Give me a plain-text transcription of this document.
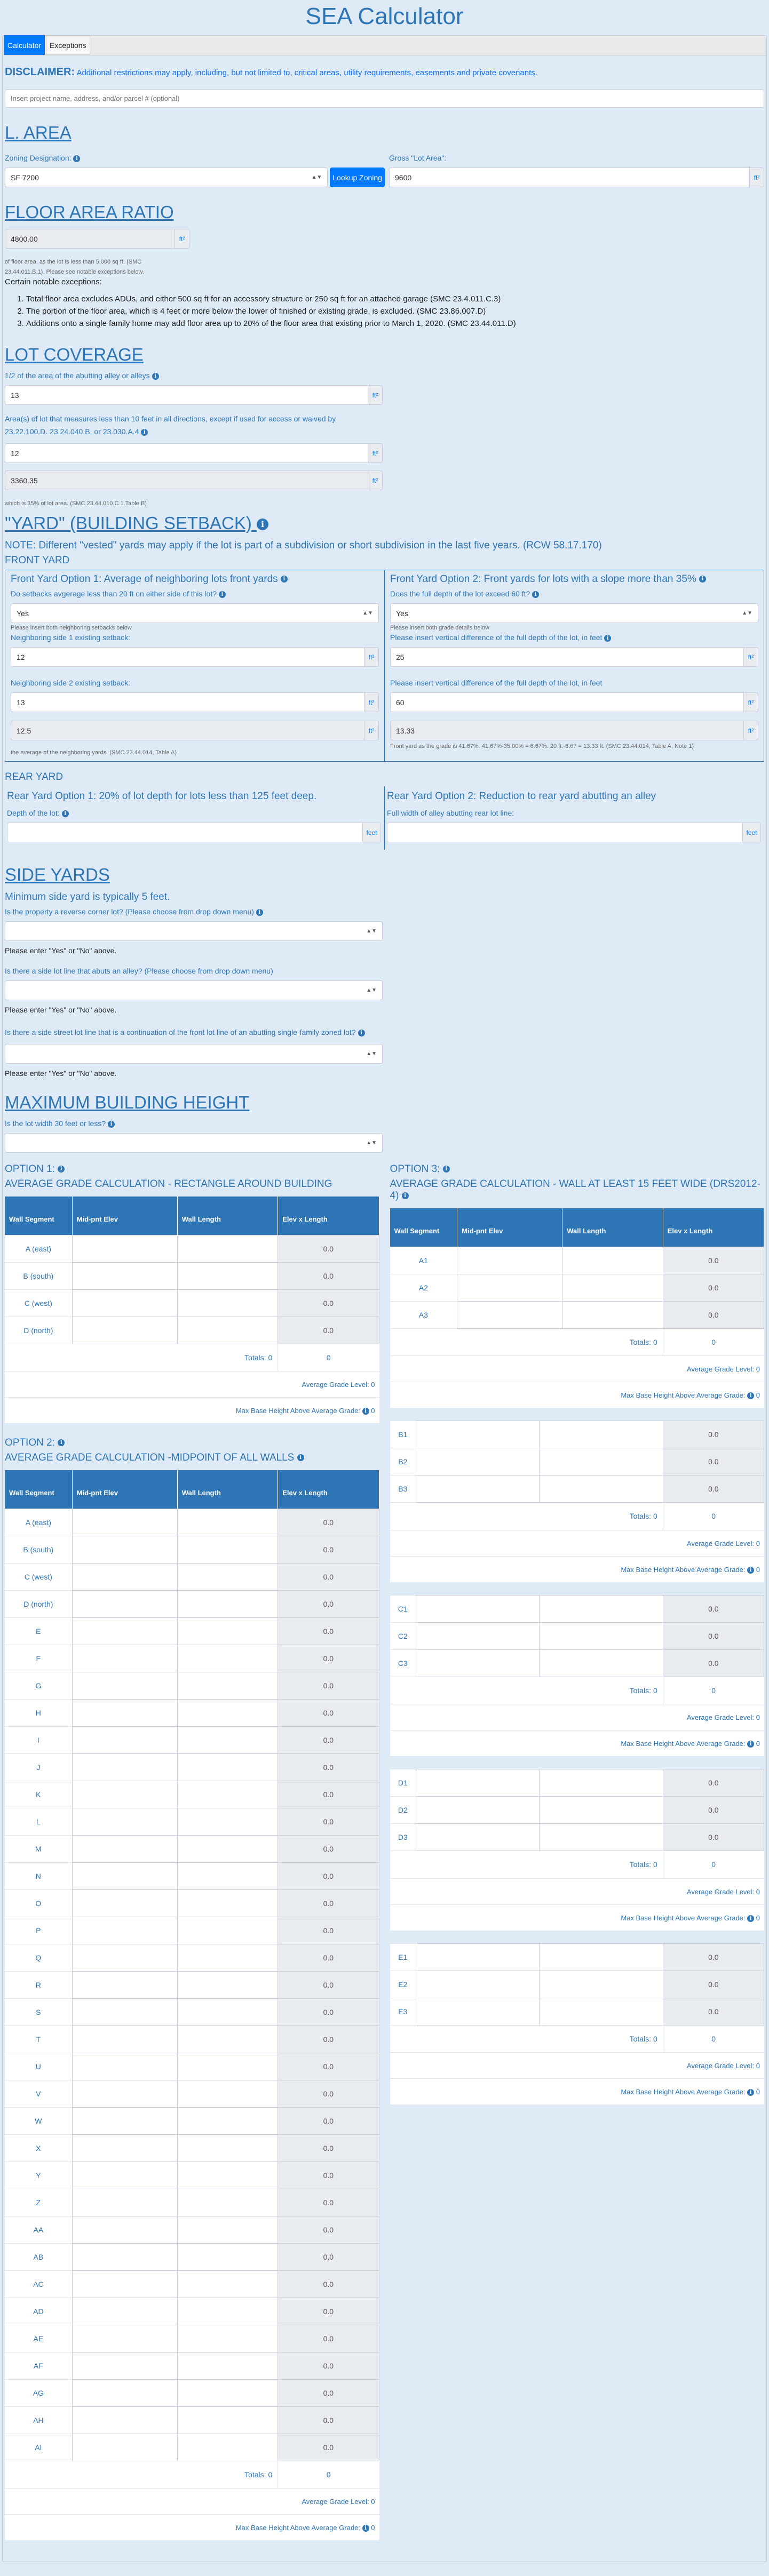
SEA Calculator
Calculator	Exceptions
DISCLAIMER: Additional restrictions may apply, including, but not limited to, critical areas, utility requirements, easements and private covenants.
Insert project name, address, and/or parcel # (optional)
L. AREA
Zoning Designation: i
SF 7200	▲▼	Lookup Zoning
Gross "Lot Area":
9600	ft²
FLOOR AREA RATIO
4800.00	ft²
of floor area, as the lot is less than 5,000 sq ft. (SMC 23.44.011.B.1). Please see notable exceptions below.
Certain notable exceptions:
1. Total floor area excludes ADUs, and either 500 sq ft for an accessory structure or 250 sq ft for an attached garage (SMC 23.4.011.C.3)
2. The portion of the floor area, which is 4 feet or more below the lower of finished or existing grade, is excluded. (SMC 23.86.007.D)
3. Additions onto a single family home may add floor area up to 20% of the floor area that existing prior to March 1, 2020. (SMC 23.44.011.D)
LOT COVERAGE
1/2 of the area of the abutting alley or alleys i
13	ft²
Area(s) of lot that measures less than 10 feet in all directions, except if used for access or waived by 23.22.100.D. 23.24.040,B, or 23.030.A.4 i
12	ft²
3360.35	ft²
which is 35% of lot area. (SMC 23.44.010.C.1.Table B)
"YARD" (BUILDING SETBACK) i
NOTE: Different "vested" yards may apply if the lot is part of a subdivision or short subdivision in the last five years. (RCW 58.17.170)
FRONT YARD
Front Yard Option 1: Average of neighboring lots front yards i
Do setbacks avgerage less than 20 ft on either side of this lot? i
Yes	▲▼
Please insert both neighboring setbacks below
Neighboring side 1 existing setback:
12	ft²
Neighboring side 2 existing setback:
13	ft²
12.5	ft²
the average of the neighboring yards. (SMC 23.44.014, Table A)
Front Yard Option 2: Front yards for lots with a slope more than 35% i
Does the full depth of the lot exceed 60 ft? i
Yes	▲▼
Please insert both grade details below
Please insert vertical difference of the full depth of the lot, in feet i
25	ft²
Please insert vertical difference of the full depth of the lot, in feet
60	ft²
13.33	ft²
Front yard as the grade is 41.67%. 41.67%-35.00% = 6.67%. 20 ft.-6.67 = 13.33 ft. (SMC 23.44.014, Table A, Note 1)
REAR YARD
Rear Yard Option 1: 20% of lot depth for lots less than 125 feet deep.
Depth of the lot: i
feet
Rear Yard Option 2: Reduction to rear yard abutting an alley
Full width of alley abutting rear lot line:
feet
SIDE YARDS
Minimum side yard is typically 5 feet.
Is the property a reverse corner lot? (Please choose from drop down menu) i
▲▼
Please enter "Yes" or "No" above.
Is there a side lot line that abuts an alley? (Please choose from drop down menu)
▲▼
Please enter "Yes" or "No" above.
Is there a side street lot line that is a continuation of the front lot line of an abutting single-family zoned lot? i
▲▼
Please enter "Yes" or "No" above.
MAXIMUM BUILDING HEIGHT
Is the lot width 30 feet or less? i
▲▼
OPTION 1: i
AVERAGE GRADE CALCULATION - RECTANGLE AROUND BUILDING
Wall Segment	Mid-pnt Elev	Wall Length	Elev x Length
A (east)			0.0
B (south)			0.0
C (west)			0.0
D (north)			0.0
Totals: 0			0
Average Grade Level: 0
Max Base Height Above Average Grade: i 0
OPTION 2: i
AVERAGE GRADE CALCULATION -MIDPOINT OF ALL WALLS i
Wall Segment	Mid-pnt Elev	Wall Length	Elev x Length
A (east)			0.0
B (south)			0.0
C (west)			0.0
D (north)			0.0
E			0.0
F			0.0
G			0.0
H			0.0
I			0.0
J			0.0
K			0.0
L			0.0
M			0.0
N			0.0
O			0.0
P			0.0
Q			0.0
R			0.0
S			0.0
T			0.0
U			0.0
V			0.0
W			0.0
X			0.0
Y			0.0
Z			0.0
AA			0.0
AB			0.0
AC			0.0
AD			0.0
AE			0.0
AF			0.0
AG			0.0
AH			0.0
AI			0.0
Totals: 0			0
Average Grade Level: 0
Max Base Height Above Average Grade: i 0
OPTION 3: i
AVERAGE GRADE CALCULATION - WALL AT LEAST 15 FEET WIDE (DRS2012-4) i
Wall Segment	Mid-pnt Elev	Wall Length	Elev x Length
A1			0.0
A2			0.0
A3			0.0
Totals: 0			0
Average Grade Level: 0
Max Base Height Above Average Grade: i 0
B1			0.0
B2			0.0
B3			0.0
Totals: 0			0
Average Grade Level: 0
Max Base Height Above Average Grade: i 0
C1			0.0
C2			0.0
C3			0.0
Totals: 0			0
Average Grade Level: 0
Max Base Height Above Average Grade: i 0
D1			0.0
D2			0.0
D3			0.0
Totals: 0			0
Average Grade Level: 0
Max Base Height Above Average Grade: i 0
E1			0.0
E2			0.0
E3			0.0
Totals: 0			0
Average Grade Level: 0
Max Base Height Above Average Grade: i 0
